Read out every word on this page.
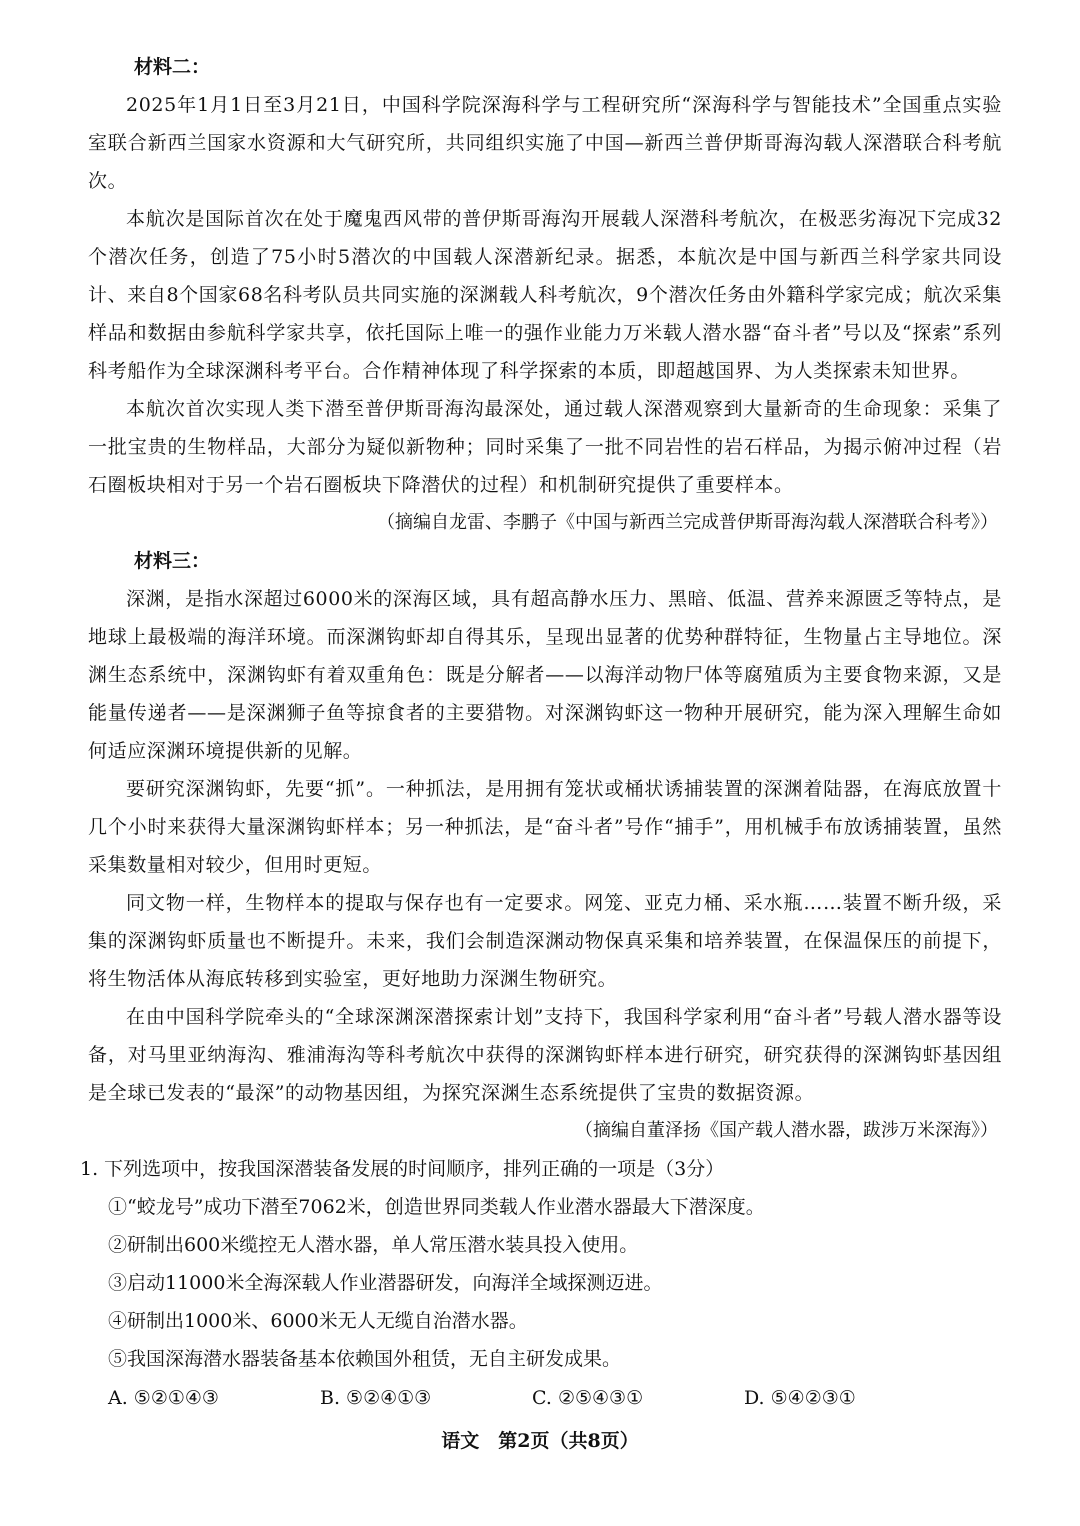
材料二：

2025年1月1日至3月21日，中国科学院深海科学与工程研究所“深海科学与智能技术”全国重点实验室联合新西兰国家水资源和大气研究所，共同组织实施了中国—新西兰普伊斯哥海沟载人深潜联合科考航次。

本航次是国际首次在处于魔鬼西风带的普伊斯哥海沟开展载人深潜科考航次，在极恶劣海况下完成32个潜次任务，创造了75小时5潜次的中国载人深潜新纪录。据悉，本航次是中国与新西兰科学家共同设计、来自8个国家68名科考队员共同实施的深渊载人科考航次，9个潜次任务由外籍科学家完成；航次采集样品和数据由参航科学家共享，依托国际上唯一的强作业能力万米载人潜水器“奋斗者”号以及“探索”系列科考船作为全球深渊科考平台。合作精神体现了科学探索的本质，即超越国界、为人类探索未知世界。

本航次首次实现人类下潜至普伊斯哥海沟最深处，通过载人深潜观察到大量新奇的生命现象：采集了一批宝贵的生物样品，大部分为疑似新物种；同时采集了一批不同岩性的岩石样品，为揭示俯冲过程（岩石圈板块相对于另一个岩石圈板块下降潜伏的过程）和机制研究提供了重要样本。

（摘编自龙雷、李鹏子《中国与新西兰完成普伊斯哥海沟载人深潜联合科考》）

材料三：

深渊，是指水深超过6000米的深海区域，具有超高静水压力、黑暗、低温、营养来源匮乏等特点，是地球上最极端的海洋环境。而深渊钩虾却自得其乐，呈现出显著的优势种群特征，生物量占主导地位。深渊生态系统中，深渊钩虾有着双重角色：既是分解者——以海洋动物尸体等腐殖质为主要食物来源，又是能量传递者——是深渊狮子鱼等掠食者的主要猎物。对深渊钩虾这一物种开展研究，能为深入理解生命如何适应深渊环境提供新的见解。

要研究深渊钩虾，先要“抓”。一种抓法，是用拥有笼状或桶状诱捕装置的深渊着陆器，在海底放置十几个小时来获得大量深渊钩虾样本；另一种抓法，是“奋斗者”号作“捕手”，用机械手布放诱捕装置，虽然采集数量相对较少，但用时更短。

同文物一样，生物样本的提取与保存也有一定要求。网笼、亚克力桶、采水瓶……装置不断升级，采集的深渊钩虾质量也不断提升。未来，我们会制造深渊动物保真采集和培养装置，在保温保压的前提下，将生物活体从海底转移到实验室，更好地助力深渊生物研究。

在由中国科学院牵头的“全球深渊深潜探索计划”支持下，我国科学家利用“奋斗者”号载人潜水器等设备，对马里亚纳海沟、雅浦海沟等科考航次中获得的深渊钩虾样本进行研究，研究获得的深渊钩虾基因组是全球已发表的“最深”的动物基因组，为探究深渊生态系统提供了宝贵的数据资源。

（摘编自董泽扬《国产载人潜水器，跋涉万米深海》）

1. 下列选项中，按我国深潜装备发展的时间顺序，排列正确的一项是（3分）

①“蛟龙号”成功下潜至7062米，创造世界同类载人作业潜水器最大下潜深度。

②研制出600米缆控无人潜水器，单人常压潜水装具投入使用。

③启动11000米全海深载人作业潜器研发，向海洋全域探测迈进。

④研制出1000米、6000米无人无缆自治潜水器。

⑤我国深海潜水器装备基本依赖国外租赁，无自主研发成果。

A. ⑤②①④③	B. ⑤②④①③	C. ②⑤④③①	D. ⑤④②③①
语文　第2页（共8页）
